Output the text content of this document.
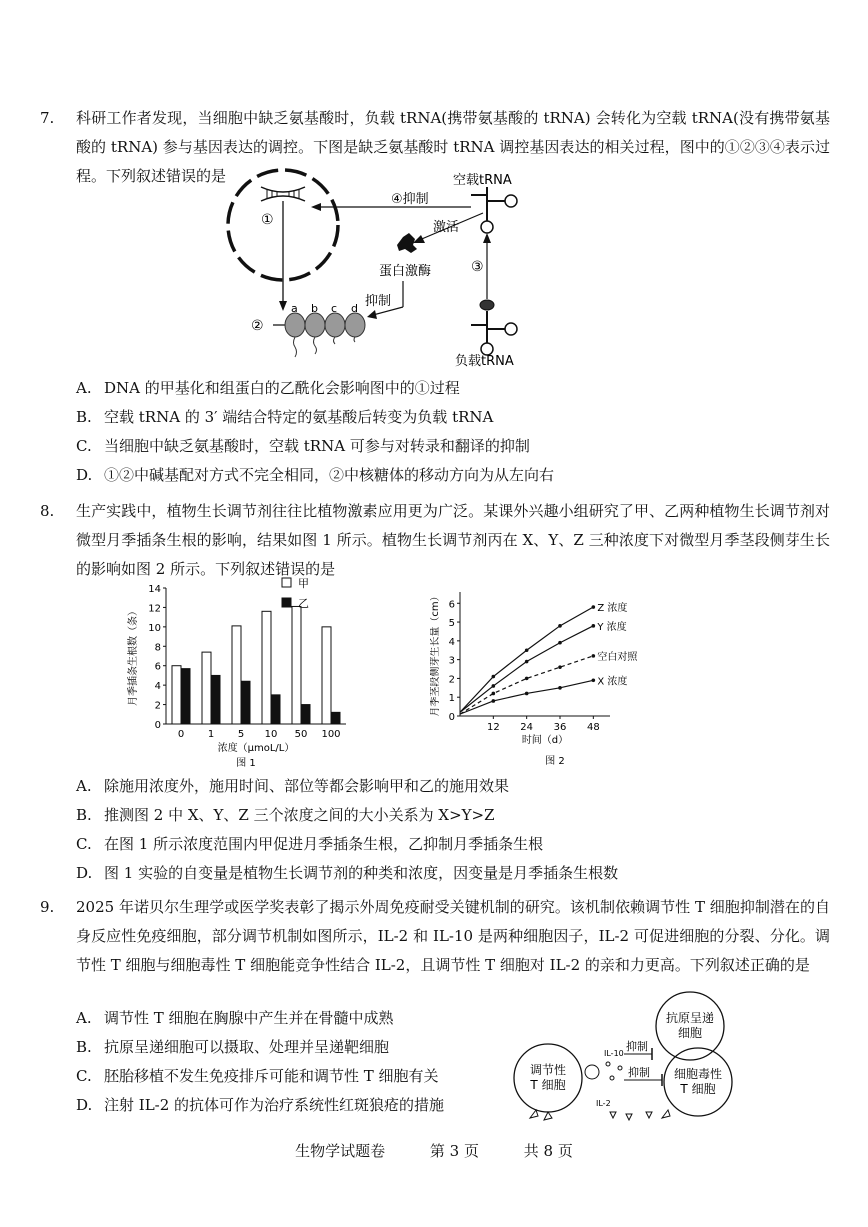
7.	科研工作者发现，当细胞中缺乏氨基酸时，负载 tRNA(携带氨基酸的 tRNA) 会转化为空载 tRNA(没有携带氨基酸的 tRNA) 参与基因表达的调控。下图是缺乏氨基酸时 tRNA 调控基因表达的相关过程，图中的①②③④表示过程。下列叙述错误的是
①
②
a b c d
空载tRNA
④抑制
激活
蛋白激酶
抑制
负载tRNA
③
A. DNA 的甲基化和组蛋白的乙酰化会影响图中的①过程
B. 空载 tRNA 的 3′ 端结合特定的氨基酸后转变为负载 tRNA
C. 当细胞中缺乏氨基酸时，空载 tRNA 可参与对转录和翻译的抑制
D. ①②中碱基配对方式不完全相同，②中核糖体的移动方向为从左向右
8.	生产实践中，植物生长调节剂往往比植物激素应用更为广泛。某课外兴趣小组研究了甲、乙两种植物生长调节剂对微型月季插条生根的影响，结果如图 1 所示。植物生长调节剂丙在 X、Y、Z 三种浓度下对微型月季茎段侧芽生长的影响如图 2 所示。下列叙述错误的是
0
2
4
6
8
10
12
14
0 1 5 10 50 100
浓度（μmoL/L）
图 1
月季插条生根数（条）
甲
乙
0
1
2
3
4
5
6
12 24 36 48
Z 浓度
Y 浓度
空白对照
X 浓度
时间（d）
图 2
月季茎段侧芽生长量（cm）
A. 除施用浓度外，施用时间、部位等都会影响甲和乙的施用效果
B. 推测图 2 中 X、Y、Z 三个浓度之间的大小关系为 X>Y>Z
C. 在图 1 所示浓度范围内甲促进月季插条生根，乙抑制月季插条生根
D. 图 1 实验的自变量是植物生长调节剂的种类和浓度，因变量是月季插条生根数
9.	2025 年诺贝尔生理学或医学奖表彰了揭示外周免疫耐受关键机制的研究。该机制依赖调节性 T 细胞抑制潜在的自身反应性免疫细胞，部分调节机制如图所示，IL-2 和 IL-10 是两种细胞因子，IL-2 可促进细胞的分裂、分化。调节性 T 细胞与细胞毒性 T 细胞能竞争性结合 IL-2，且调节性 T 细胞对 IL-2 的亲和力更高。下列叙述正确的是
A. 调节性 T 细胞在胸腺中产生并在骨髓中成熟
B. 抗原呈递细胞可以摄取、处理并呈递靶细胞
C. 胚胎移植不发生免疫排斥可能和调节性 T 细胞有关
D. 注射 IL-2 的抗体可作为治疗系统性红斑狼疮的措施
调节性
T 细胞
IL-10
抗原呈递
细胞
细胞毒性
T 细胞
抑制
抑制
IL-2
生物学试题卷	第 3 页	共 8 页
